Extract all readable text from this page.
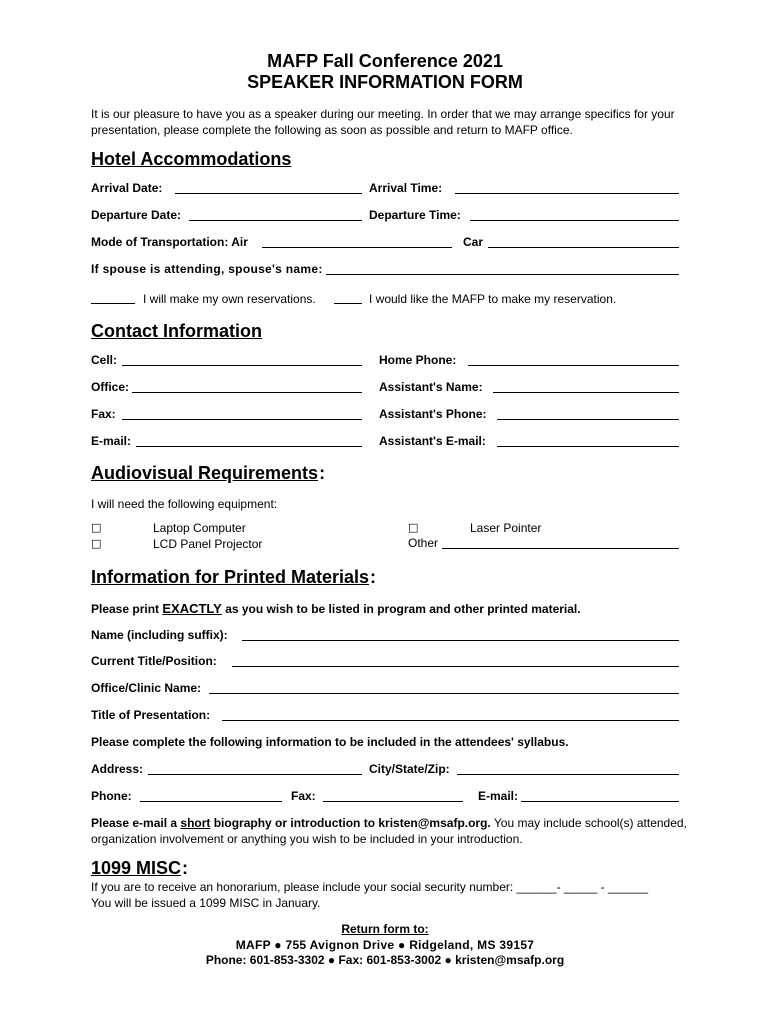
MAFP Fall Conference 2021
SPEAKER INFORMATION FORM
It is our pleasure to have you as a speaker during our meeting. In order that we may arrange specifics for your presentation, please complete the following as soon as possible and return to MAFP office.
Hotel Accommodations
Arrival Date:	Arrival Time:
Departure Date:	Departure Time:
Mode of Transportation: Air	Car
If spouse is attending, spouse's name:
I will make my own reservations.	I would like the MAFP to make my reservation.
Contact Information
Cell:	Home Phone:
Office:	Assistant's Name:
Fax:	Assistant's Phone:
E-mail:	Assistant's E-mail:
Audiovisual Requirements:
I will need the following equipment:
□	Laptop Computer
□	LCD Panel Projector
□	Laser Pointer
Other
Information for Printed Materials:
Please print EXACTLY as you wish to be listed in program and other printed material.
Name (including suffix):
Current Title/Position:
Office/Clinic Name:
Title of Presentation:
Please complete the following information to be included in the attendees' syllabus.
Address:	City/State/Zip:
Phone:	Fax:	E-mail:
Please e-mail a short biography or introduction to kristen@msafp.org. You may include school(s) attended, organization involvement or anything you wish to be included in your introduction.
1099 MISC:
If you are to receive an honorarium, please include your social security number: ______- _____ - ______
You will be issued a 1099 MISC in January.
Return form to:
MAFP ● 755 Avignon Drive ● Ridgeland, MS 39157
Phone: 601-853-3302 ● Fax: 601-853-3002 ● kristen@msafp.org
